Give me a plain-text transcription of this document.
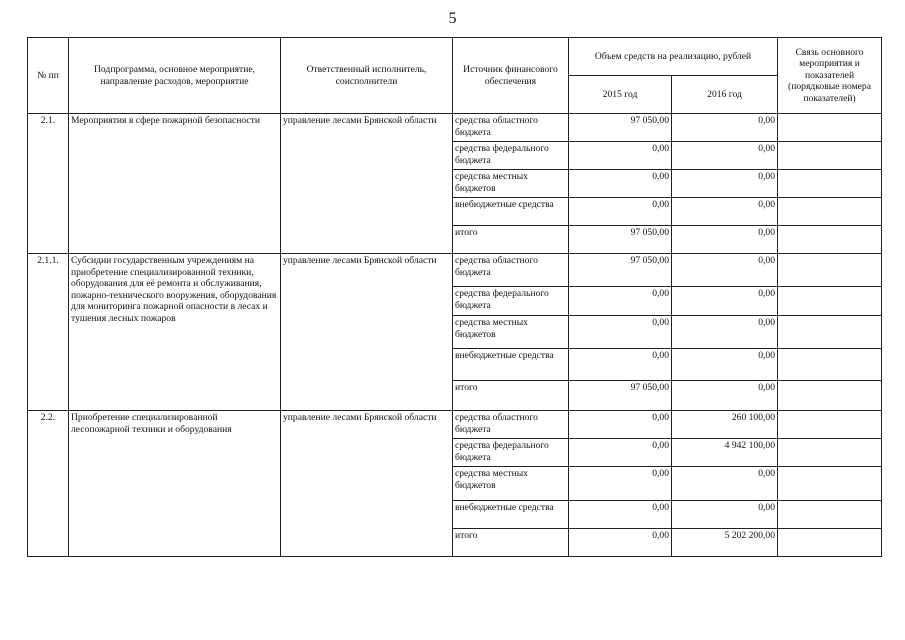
5
№ пп	Подпрограмма, основное мероприятие, направление расходов, мероприятие	Ответственный исполнитель, соисполнители	Источник финансового обеспечения	Объем средств на реализацию, рублей		Связь основного мероприятия и показателей (порядковые номера показателей)
				2015 год	2016 год	
2.1.	Мероприятия в сфере пожарной безопасности	управление лесами Брянской области	средства областного бюджета	97 050,00	0,00	
			средства федерального бюджета	0,00	0,00	
			средства местных бюджетов	0,00	0,00	
			внебюджетные средства	0,00	0,00	
			итого	97 050,00	0,00	
2.1.1.	Субсидии государственным учреждениям на приобретение специализированной техники, оборудования для её ремонта и обслуживания, пожарно-технического вооружения, оборудования для мониторинга пожарной опасности в лесах и тушения лесных пожаров	управление лесами Брянской области	средства областного бюджета	97 050,00	0,00	
			средства федерального бюджета	0,00	0,00	
			средства местных бюджетов	0,00	0,00	
			внебюджетные средства	0,00	0,00	
			итого	97 050,00	0,00	
2.2.	Приобретение специализированной лесопожарной техники и оборудования	управление лесами Брянской области	средства областного бюджета	0,00	260 100,00	
			средства федерального бюджета	0,00	4 942 100,00	
			средства местных бюджетов	0,00	0,00	
			внебюджетные средства	0,00	0,00	
			итого	0,00	5 202 200,00	
